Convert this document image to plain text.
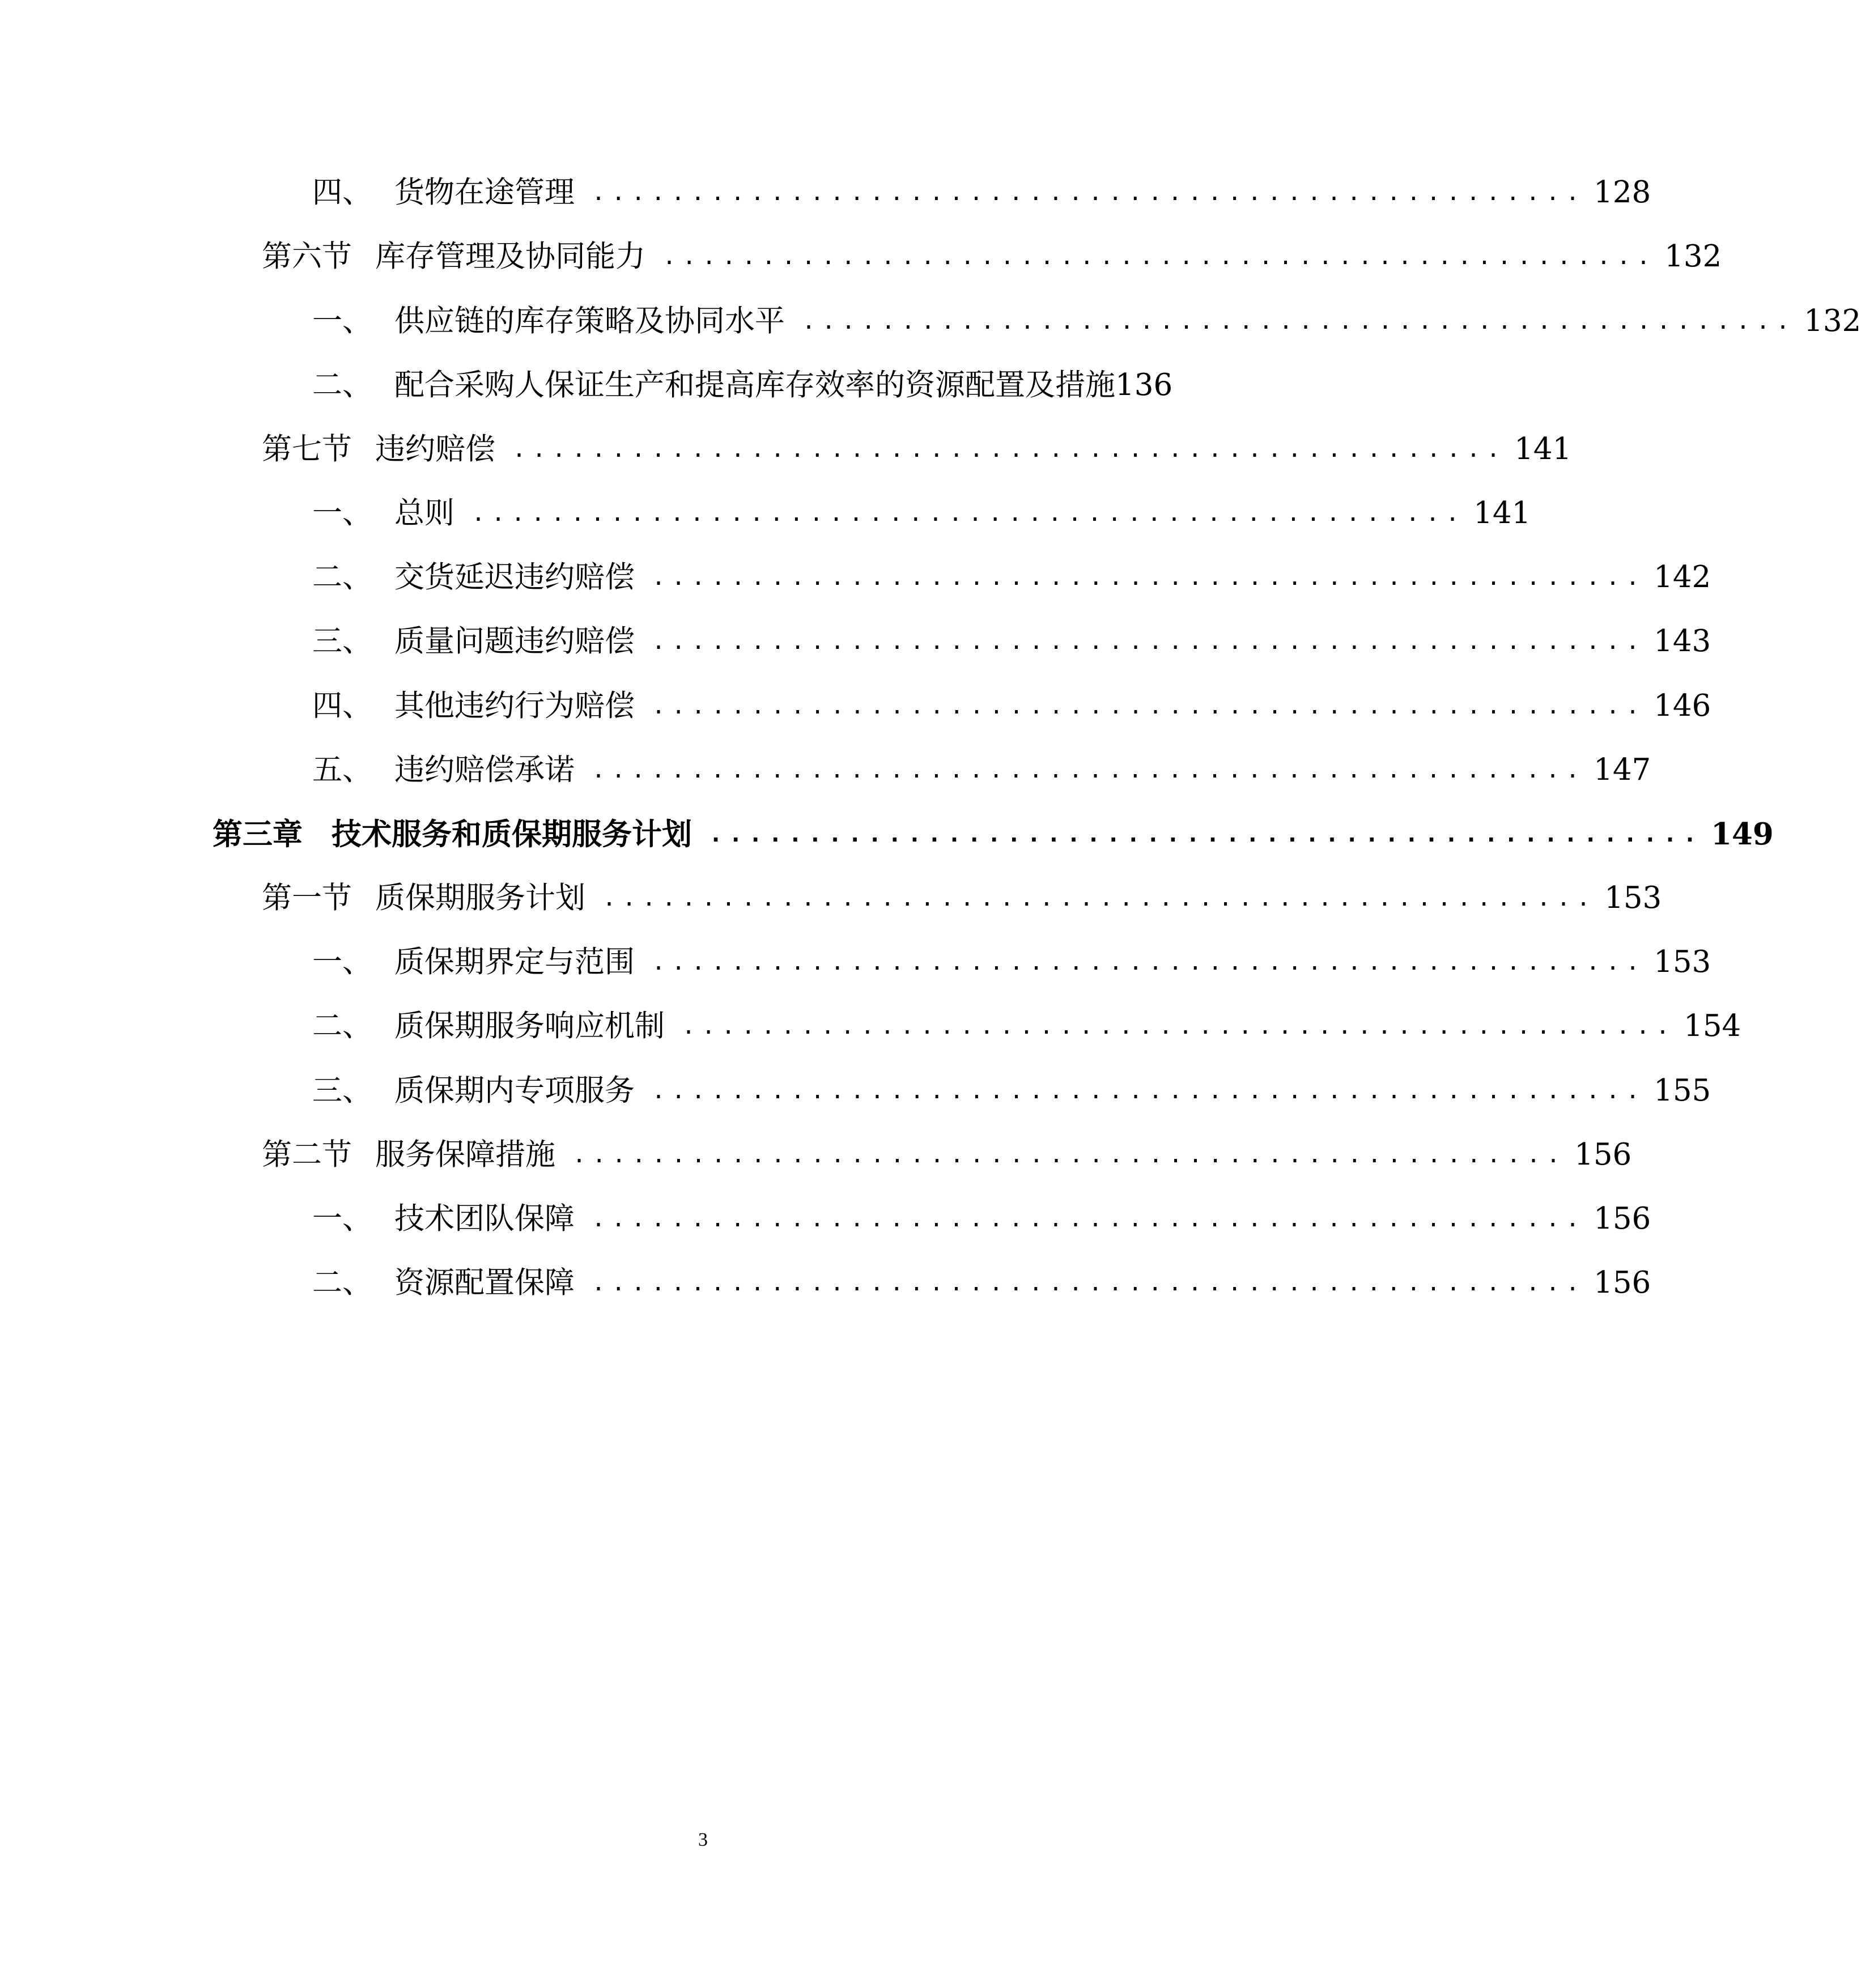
四、 货物在途管理 .................................................. 128
第六节 库存管理及协同能力 .................................................. 132
一、 供应链的库存策略及协同水平 .................................................. 132
二、 配合采购人保证生产和提高库存效率的资源配置及措施 136
第七节 违约赔偿 .................................................. 141
一、 总则 .................................................. 141
二、 交货延迟违约赔偿 .................................................. 142
三、 质量问题违约赔偿 .................................................. 143
四、 其他违约行为赔偿 .................................................. 146
五、 违约赔偿承诺 .................................................. 147
第三章 技术服务和质保期服务计划 .................................................. 149
第一节 质保期服务计划 .................................................. 153
一、 质保期界定与范围 .................................................. 153
二、 质保期服务响应机制 .................................................. 154
三、 质保期内专项服务 .................................................. 155
第二节 服务保障措施 .................................................. 156
一、 技术团队保障 .................................................. 156
二、 资源配置保障 .................................................. 156
3
